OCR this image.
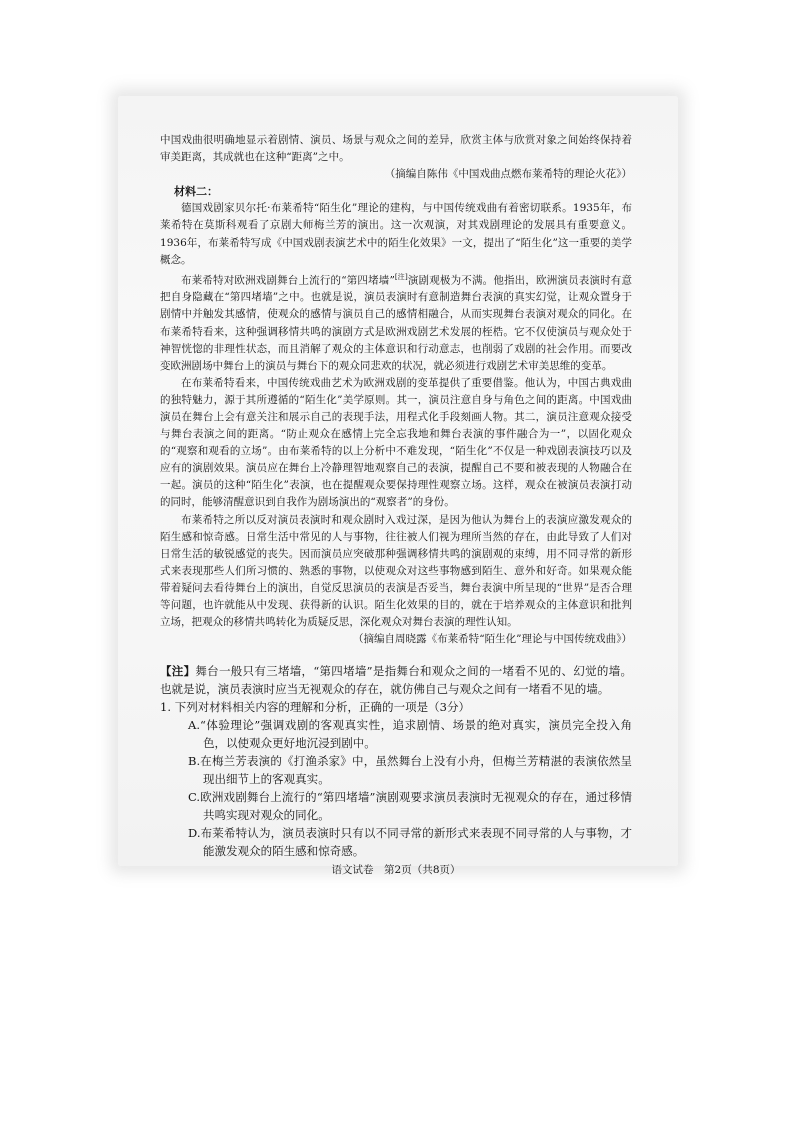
中国戏曲很明确地显示着剧情、演员、场景与观众之间的差异，欣赏主体与欣赏对象之间始终保持着审美距离，其成就也在这种“距离”之中。

（摘编自陈伟《中国戏曲点燃布莱希特的理论火花》）

材料二：

德国戏剧家贝尔托·布莱希特“陌生化”理论的建构，与中国传统戏曲有着密切联系。1935年，布莱希特在莫斯科观看了京剧大师梅兰芳的演出。这一次观演，对其戏剧理论的发展具有重要意义。1936年，布莱希特写成《中国戏剧表演艺术中的陌生化效果》一文，提出了“陌生化”这一重要的美学概念。

布莱希特对欧洲戏剧舞台上流行的“第四堵墙”[注]演剧观极为不满。他指出，欧洲演员表演时有意把自身隐藏在“第四堵墙”之中。也就是说，演员表演时有意制造舞台表演的真实幻觉，让观众置身于剧情中并触发其感情，使观众的感情与演员自己的感情相融合，从而实现舞台表演对观众的同化。在布莱希特看来，这种强调移情共鸣的演剧方式是欧洲戏剧艺术发展的桎梏。它不仅使演员与观众处于神智恍惚的非理性状态，而且消解了观众的主体意识和行动意志，也削弱了戏剧的社会作用。而要改变欧洲剧场中舞台上的演员与舞台下的观众同悲欢的状况，就必须进行戏剧艺术审美思维的变革。

在布莱希特看来，中国传统戏曲艺术为欧洲戏剧的变革提供了重要借鉴。他认为，中国古典戏曲的独特魅力，源于其所遵循的“陌生化”美学原则。其一，演员注意自身与角色之间的距离。中国戏曲演员在舞台上会有意关注和展示自己的表现手法，用程式化手段刻画人物。其二，演员注意观众接受与舞台表演之间的距离。“防止观众在感情上完全忘我地和舞台表演的事件融合为一”，以固化观众的“观察和观看的立场”。由布莱希特的以上分析中不难发现，“陌生化”不仅是一种戏剧表演技巧以及应有的演剧效果。演员应在舞台上冷静理智地观察自己的表演，提醒自己不要和被表现的人物融合在一起。演员的这种“陌生化”表演，也在提醒观众要保持理性观察立场。这样，观众在被演员表演打动的同时，能够清醒意识到自我作为剧场演出的“观察者”的身份。

布莱希特之所以反对演员表演时和观众剧时入戏过深，是因为他认为舞台上的表演应激发观众的陌生感和惊奇感。日常生活中常见的人与事物，往往被人们视为理所当然的存在，由此导致了人们对日常生活的敏锐感觉的丧失。因而演员应突破那种强调移情共鸣的演剧观的束缚，用不同寻常的新形式来表现那些人们所习惯的、熟悉的事物，以使观众对这些事物感到陌生、意外和好奇。如果观众能带着疑问去看待舞台上的演出，自觉反思演员的表演是否妥当，舞台表演中所呈现的“世界”是否合理等问题，也许就能从中发现、获得新的认识。陌生化效果的目的，就在于培养观众的主体意识和批判立场，把观众的移情共鸣转化为质疑反思，深化观众对舞台表演的理性认知。

（摘编自周晓露《布莱希特“陌生化”理论与中国传统戏曲》）

【注】舞台一般只有三堵墙，“第四堵墙”是指舞台和观众之间的一堵看不见的、幻觉的墙。也就是说，演员表演时应当无视观众的存在，就仿佛自己与观众之间有一堵看不见的墙。

1. 下列对材料相关内容的理解和分析，正确的一项是（3分）

A.“体验理论”强调戏剧的客观真实性，追求剧情、场景的绝对真实，演员完全投入角色，以使观众更好地沉浸到剧中。

B.在梅兰芳表演的《打渔杀家》中，虽然舞台上没有小舟，但梅兰芳精湛的表演依然呈现出细节上的客观真实。

C.欧洲戏剧舞台上流行的“第四堵墙”演剧观要求演员表演时无视观众的存在，通过移情共鸣实现对观众的同化。

D.布莱希特认为，演员表演时只有以不同寻常的新形式来表现不同寻常的人与事物，才能激发观众的陌生感和惊奇感。

语文试卷　第2页（共8页）
